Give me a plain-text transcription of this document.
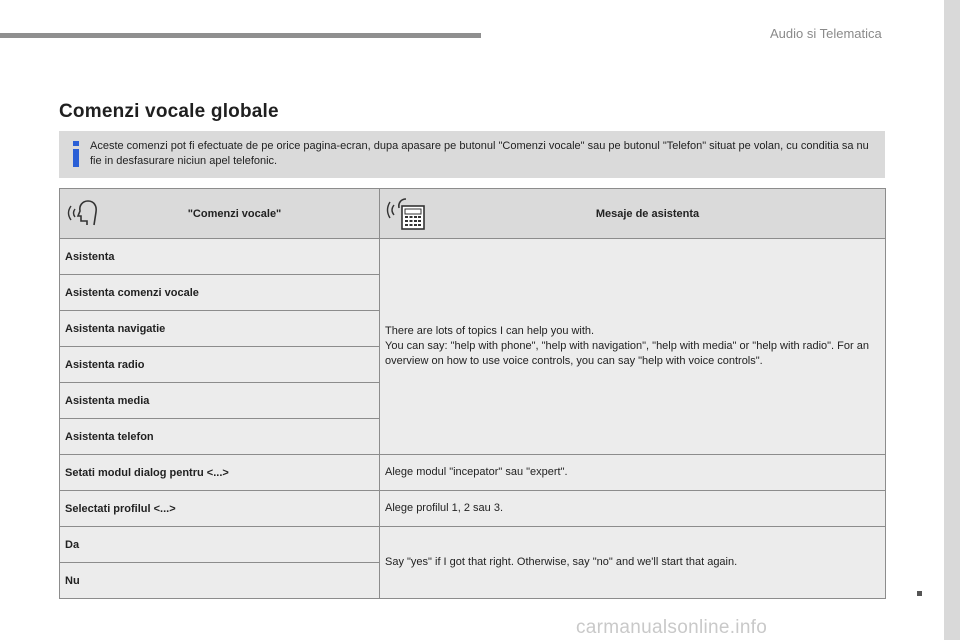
Audio si Telematica
Comenzi vocale globale
Aceste comenzi pot fi efectuate de pe orice pagina-ecran, dupa apasare pe butonul "Comenzi vocale" sau pe butonul "Telefon" situat pe volan, cu conditia sa nu fie in desfasurare niciun apel telefonic.
"Comenzi vocale"	Mesaje de asistenta

Asistenta	There are lots of topics I can help you with.
You can say: "help with phone", "help with navigation", "help with media" or "help with radio". For an overview on how to use voice controls, you can say "help with voice controls".

Asistenta comenzi vocale	
Asistenta navigatie	
Asistenta radio	
Asistenta media	
Asistenta telefon	
Setati modul dialog pentru <...>	Alege modul "incepator" sau "expert".
Selectati profilul <...>	Alege profilul 1, 2 sau 3.
Da	Say "yes" if I got that right. Otherwise, say "no" and we'll start that again.
Nu	
carmanualsonline.info
